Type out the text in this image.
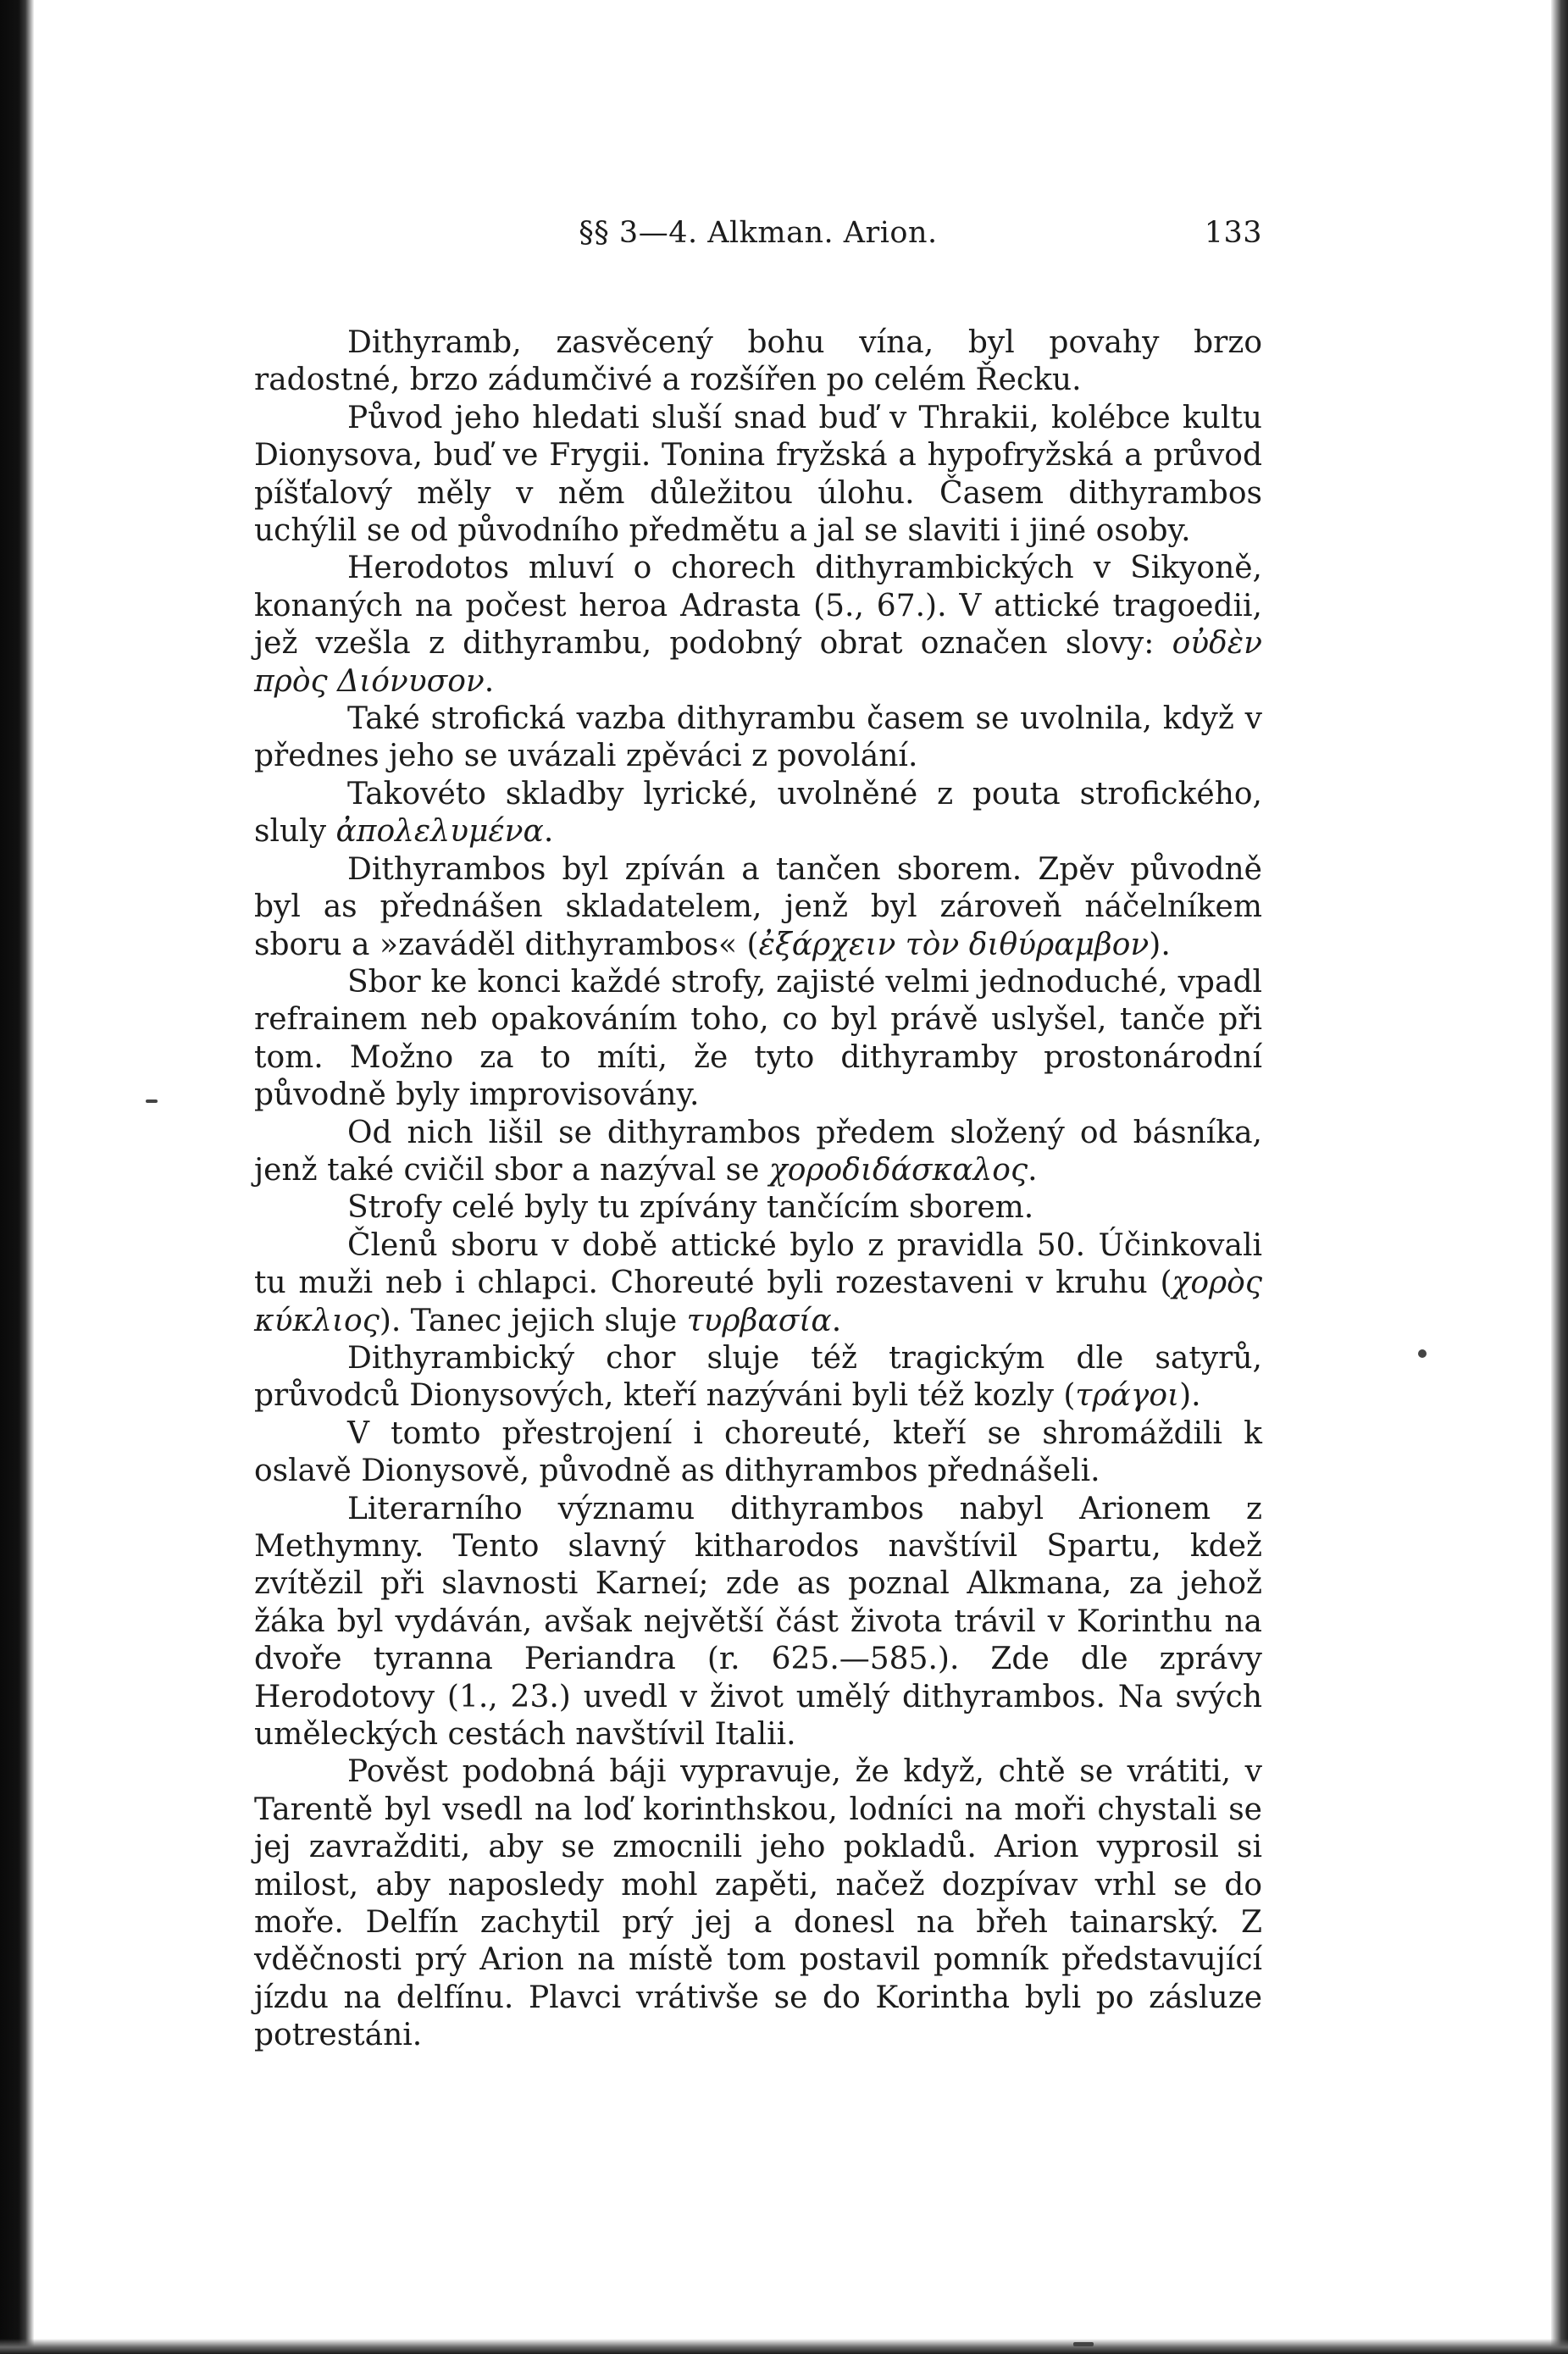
§§ 3—4. Alkman. Arion.	133

Dithyramb, zasvěcený bohu vína, byl povahy brzo radostné, brzo zádumčivé a rozšířen po celém Řecku.

Původ jeho hledati sluší snad buď v Thrakii, kolébce kultu Dionysova, buď ve Frygii. Tonina fryžská a hypofryžská a průvod píšťalový měly v něm důležitou úlohu. Časem dithyrambos uchýlil se od původního předmětu a jal se slaviti i jiné osoby.

Herodotos mluví o chorech dithyrambických v Sikyoně, konaných na počest heroa Adrasta (5., 67.). V attické tragoedii, jež vzešla z dithyrambu, podobný obrat označen slovy: οὐδὲν πρὸς Διόνυσον.

Také strofická vazba dithyrambu časem se uvolnila, když v přednes jeho se uvázali zpěváci z povolání.

Takovéto skladby lyrické, uvolněné z pouta strofického, sluly ἀπολελυμένα.

Dithyrambos byl zpíván a tančen sborem. Zpěv původně byl as přednášen skladatelem, jenž byl zároveň náčelníkem sboru a »zaváděl dithyrambos« (ἐξάρχειν τὸν διθύραμβον).

Sbor ke konci každé strofy, zajisté velmi jednoduché, vpadl refrainem neb opakováním toho, co byl právě uslyšel, tanče při tom. Možno za to míti, že tyto dithyramby prostonárodní původně byly improvisovány.

Od nich lišil se dithyrambos předem složený od básníka, jenž také cvičil sbor a nazýval se χοροδιδάσκαλος.

Strofy celé byly tu zpívány tančícím sborem.

Členů sboru v době attické bylo z pravidla 50. Účinkovali tu muži neb i chlapci. Choreuté byli rozestaveni v kruhu (χορὸς κύκλιος). Tanec jejich sluje τυρβασία.

Dithyrambický chor sluje též tragickým dle satyrů, průvodců Dionysových, kteří nazýváni byli též kozly (τράγοι).

V tomto přestrojení i choreuté, kteří se shromáždili k oslavě Dionysově, původně as dithyrambos přednášeli.

Literarního významu dithyrambos nabyl Arionem z Methymny. Tento slavný kitharodos navštívil Spartu, kdež zvítězil při slavnosti Karneí; zde as poznal Alkmana, za jehož žáka byl vydáván, avšak největší část života trávil v Korinthu na dvoře tyranna Periandra (r. 625.—585.). Zde dle zprávy Herodotovy (1., 23.) uvedl v život umělý dithyrambos. Na svých uměleckých cestách navštívil Italii.

Pověst podobná báji vypravuje, že když, chtě se vrátiti, v Tarentě byl vsedl na loď korinthskou, lodníci na moři chystali se jej zavražditi, aby se zmocnili jeho pokladů. Arion vyprosil si milost, aby naposledy mohl zapěti, načež dozpívav vrhl se do moře. Delfín zachytil prý jej a donesl na břeh tainarský. Z vděčnosti prý Arion na místě tom postavil pomník představující jízdu na delfínu. Plavci vrátivše se do Korintha byli po zásluze potrestáni.
